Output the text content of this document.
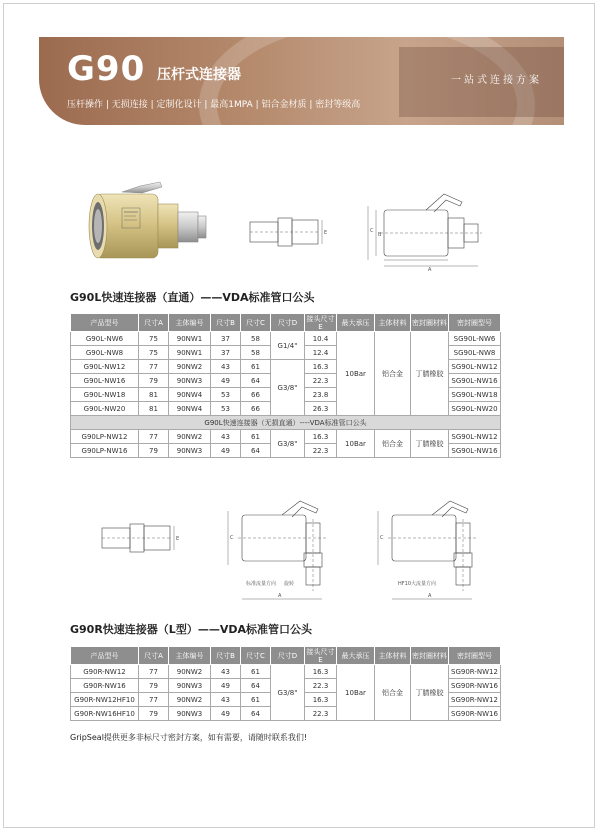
G90 压杆式连接器	一站式连接方案
压杆操作 | 无损连接 | 定制化设计 | 最高1MPA | 铝合金材质 | 密封等级高
E	C
B
A
G90L快速连接器（直通）——VDA标准管口公头
产品型号	尺寸A	主体编号	尺寸B	尺寸C	尺寸D	接头尺寸E	最大承压	主体材料	密封圈材料	密封圈型号
G90L-NW6	75	90NW1	37	58	G1/4"	10.4	10Bar	铝合金	丁腈橡胶	SG90L-NW6
G90L-NW8	75	90NW1	37	58		12.4				SG90L-NW8
G90L-NW12	77	90NW2	43	61	G3/8"	16.3				SG90L-NW12
G90L-NW16	79	90NW3	49	64		22.3				SG90L-NW16
G90L-NW18	81	90NW4	53	66		23.8				SG90L-NW18
G90L-NW20	81	90NW4	53	66		26.3				SG90L-NW20
G90L快速连接器（无损直通）----VDA标准管口公头										
G90LP-NW12	77	90NW2	43	61	G3/8"	16.3	10Bar	铝合金	丁腈橡胶	SG90L-NW12
G90LP-NW16	79	90NW3	49	64		22.3				SG90L-NW16
E	C
A
标准流量方向 旋转
C
A
HF10大流量方向
G90R快速连接器（L型）——VDA标准管口公头
产品型号	尺寸A	主体编号	尺寸B	尺寸C	尺寸D	接头尺寸E	最大承压	主体材料	密封圈材料	密封圈型号
G90R-NW12	77	90NW2	43	61	G3/8"	16.3	10Bar	铝合金	丁腈橡胶	SG90R-NW12
G90R-NW16	79	90NW3	49	64		22.3				SG90R-NW16
G90R-NW12HF10	77	90NW2	43	61		16.3				SG90R-NW12
G90R-NW16HF10	79	90NW3	49	64		22.3				SG90R-NW16
GripSeal提供更多非标尺寸密封方案，如有需要，请随时联系我们!
